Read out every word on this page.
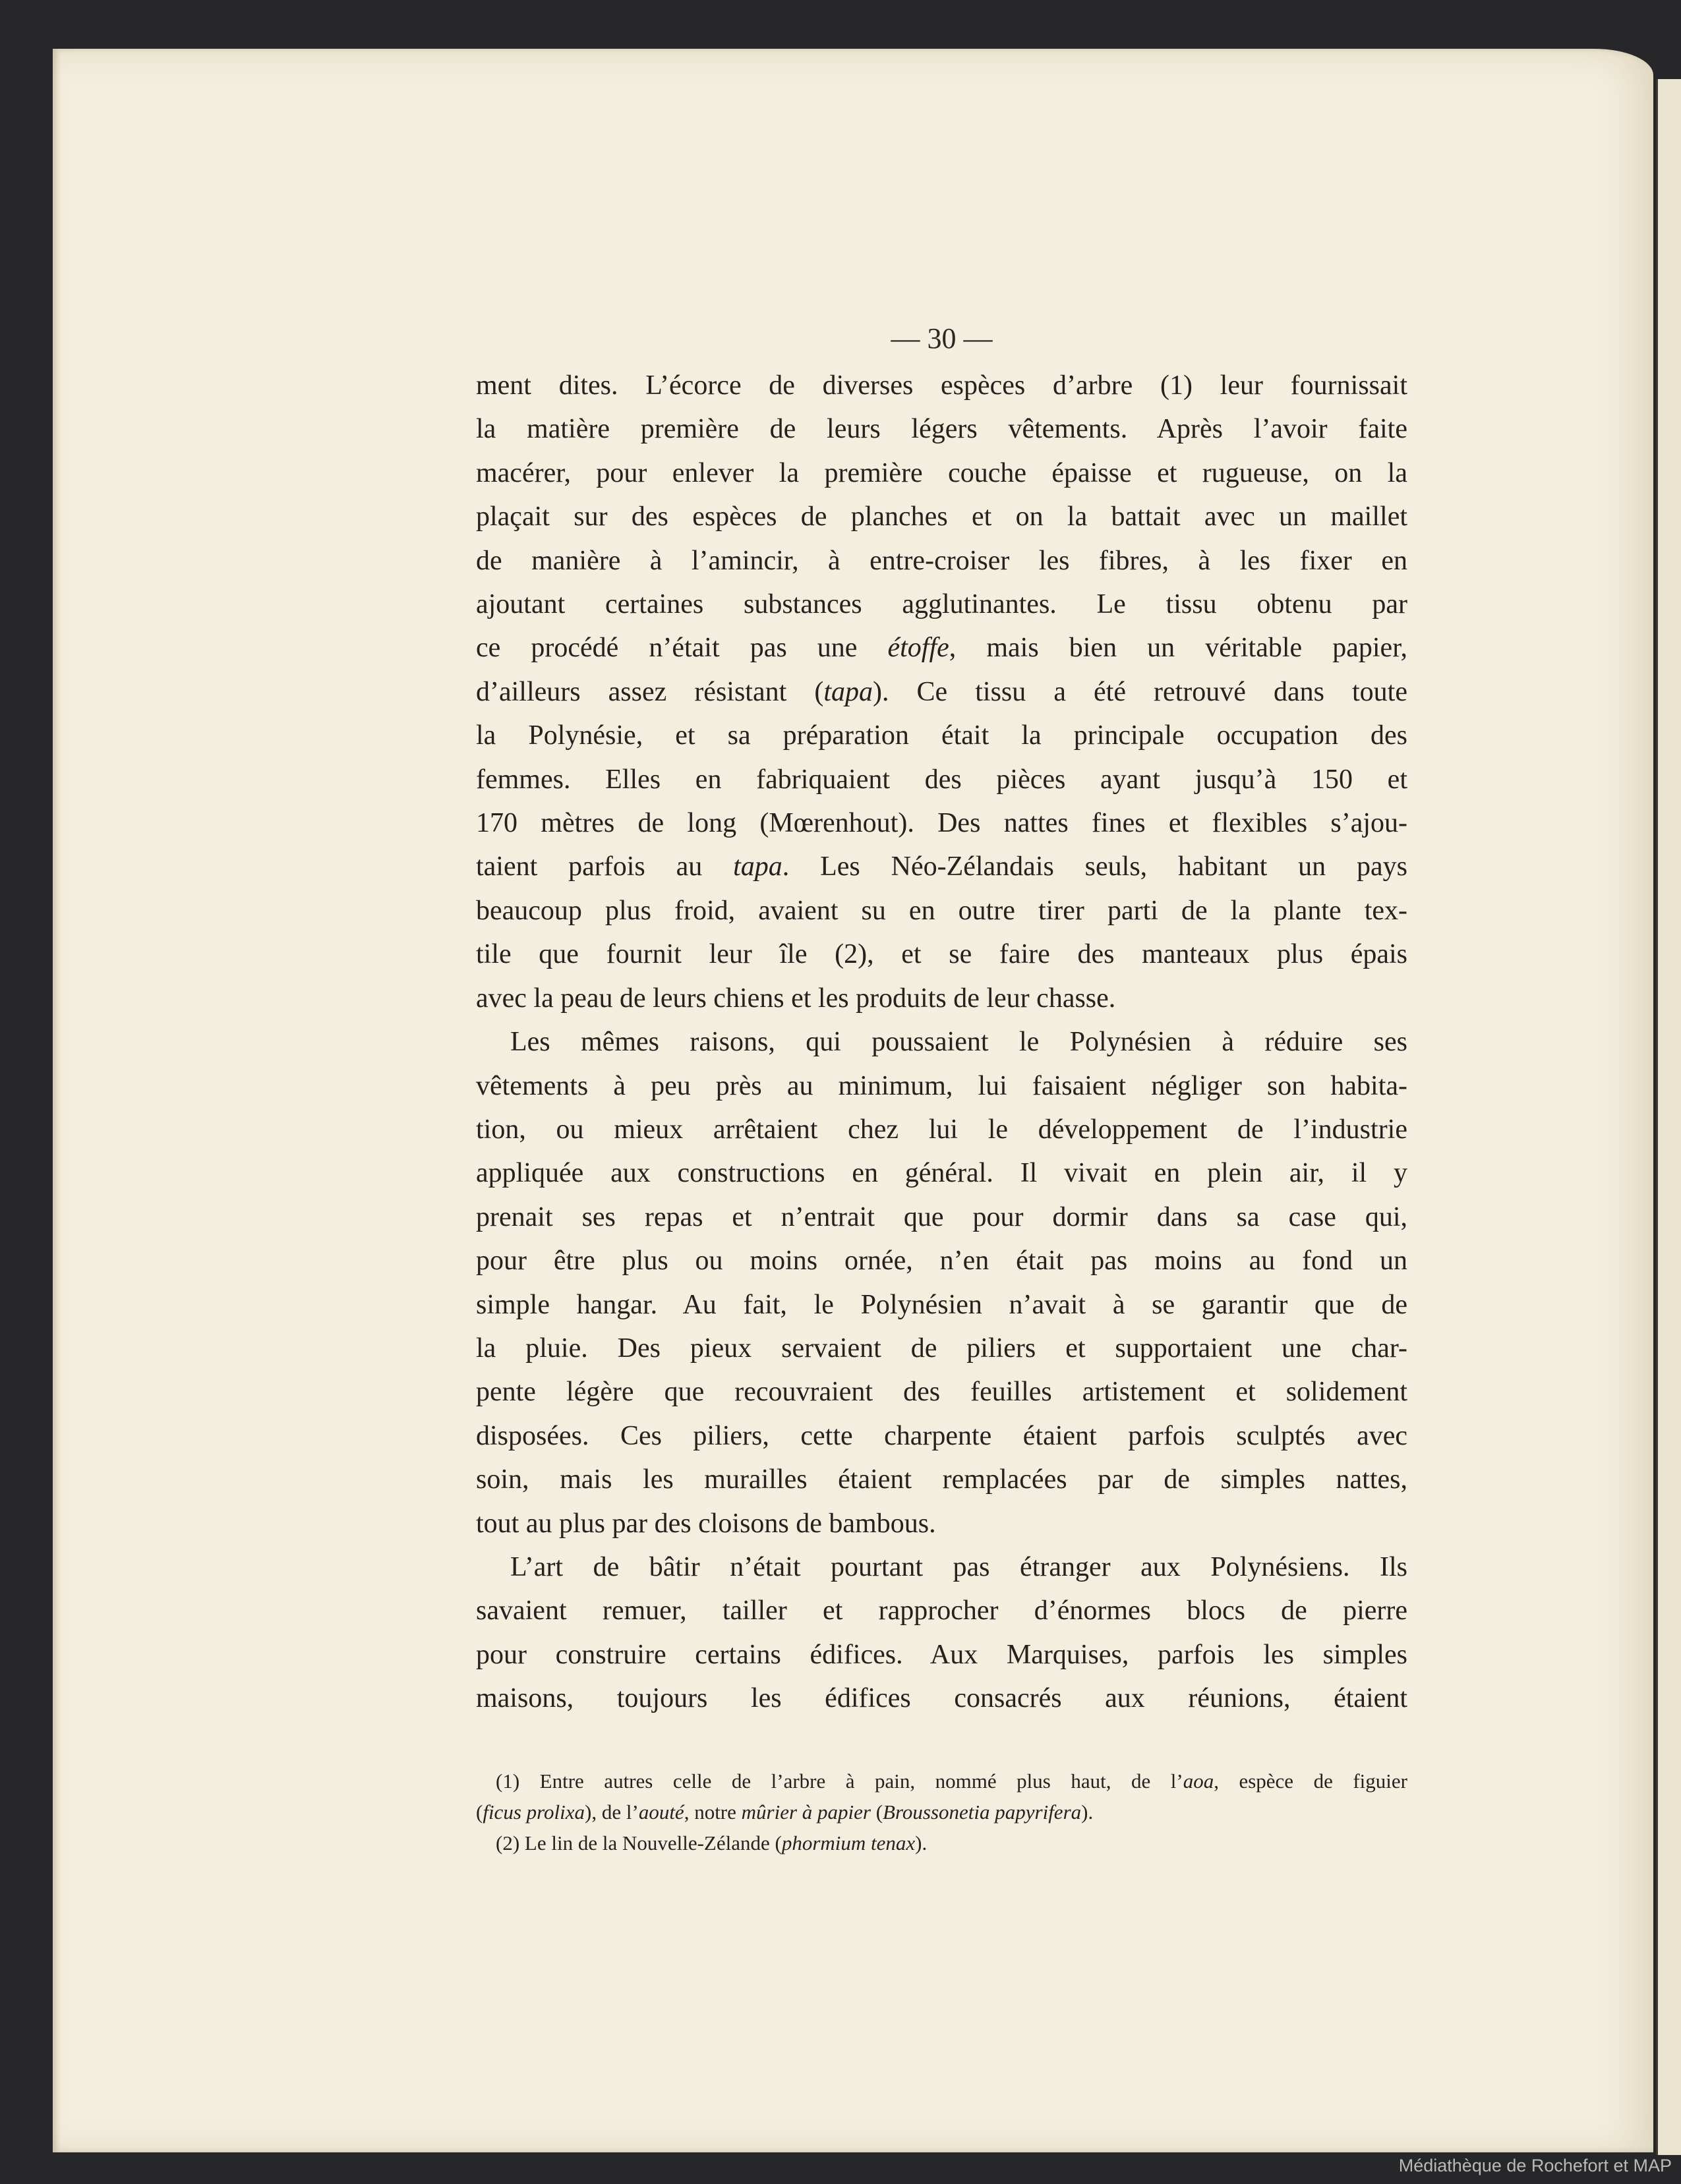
— 30 —
ment dites. L’écorce de diverses espèces d’arbre (1) leur fournissait
la matière première de leurs légers vêtements. Après l’avoir faite
macérer, pour enlever la première couche épaisse et rugueuse, on la
plaçait sur des espèces de planches et on la battait avec un maillet
de manière à l’amincir, à entre-croiser les fibres, à les fixer en
ajoutant certaines substances agglutinantes. Le tissu obtenu par
ce procédé n’était pas une étoffe, mais bien un véritable papier,
d’ailleurs assez résistant (tapa). Ce tissu a été retrouvé dans toute
la Polynésie, et sa préparation était la principale occupation des
femmes. Elles en fabriquaient des pièces ayant jusqu’à 150 et
170 mètres de long (Mœrenhout). Des nattes fines et flexibles s’ajou-
taient parfois au tapa. Les Néo-Zélandais seuls, habitant un pays
beaucoup plus froid, avaient su en outre tirer parti de la plante tex-
tile que fournit leur île (2), et se faire des manteaux plus épais
avec la peau de leurs chiens et les produits de leur chasse.
Les mêmes raisons, qui poussaient le Polynésien à réduire ses
vêtements à peu près au minimum, lui faisaient négliger son habita-
tion, ou mieux arrêtaient chez lui le développement de l’industrie
appliquée aux constructions en général. Il vivait en plein air, il y
prenait ses repas et n’entrait que pour dormir dans sa case qui,
pour être plus ou moins ornée, n’en était pas moins au fond un
simple hangar. Au fait, le Polynésien n’avait à se garantir que de
la pluie. Des pieux servaient de piliers et supportaient une char-
pente légère que recouvraient des feuilles artistement et solidement
disposées. Ces piliers, cette charpente étaient parfois sculptés avec
soin, mais les murailles étaient remplacées par de simples nattes,
tout au plus par des cloisons de bambous.
L’art de bâtir n’était pourtant pas étranger aux Polynésiens. Ils
savaient remuer, tailler et rapprocher d’énormes blocs de pierre
pour construire certains édifices. Aux Marquises, parfois les simples
maisons, toujours les édifices consacrés aux réunions, étaient
(1) Entre autres celle de l’arbre à pain, nommé plus haut, de l’aoa, espèce de figuier
(ficus prolixa), de l’aouté, notre mûrier à papier (Broussonetia papyrifera).
(2) Le lin de la Nouvelle-Zélande (phormium tenax).
Médiathèque de Rochefort et MAP
